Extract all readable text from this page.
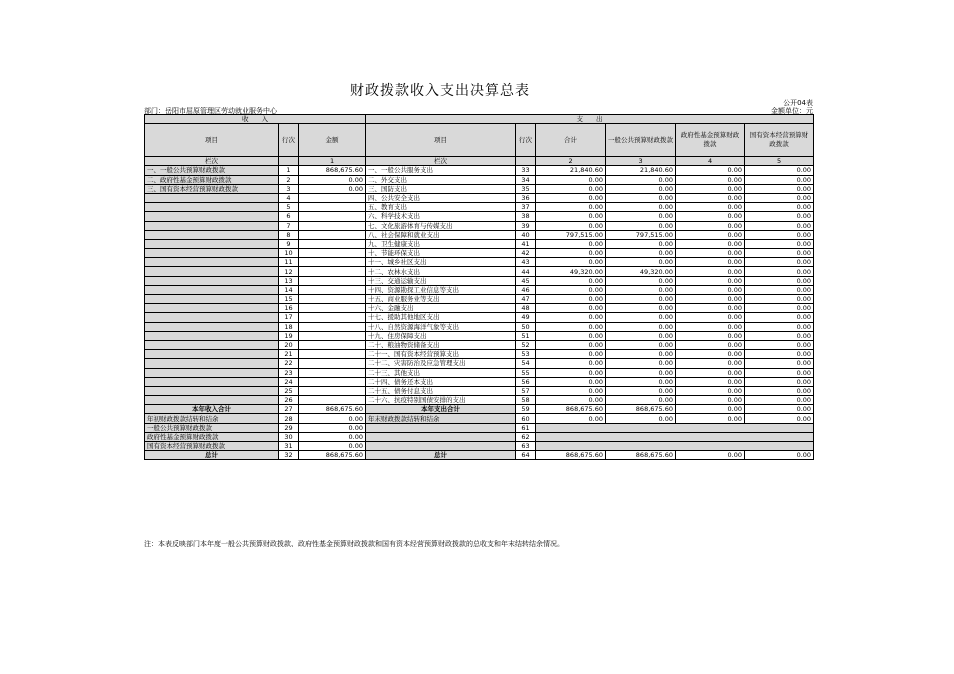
财政拨款收入支出决算总表
公开04表
部门：岳阳市屈原管理区劳动就业服务中心	金额单位：元
收　　入			支　　出					
项目	行次	金额	项目	行次	合计	一般公共预算财政拨款	政府性基金预算财政拨款	国有资本经营预算财政拨款
栏次		1	栏次		2	3	4	5
一、一般公共预算财政拨款	1	868,675.60	一、一般公共服务支出	33	21,840.60	21,840.60	0.00	0.00
二、政府性基金预算财政拨款	2	0.00	二、外交支出	34	0.00	0.00	0.00	0.00
三、国有资本经营预算财政拨款	3	0.00	三、国防支出	35	0.00	0.00	0.00	0.00
	4		四、公共安全支出	36	0.00	0.00	0.00	0.00
	5		五、教育支出	37	0.00	0.00	0.00	0.00
	6		六、科学技术支出	38	0.00	0.00	0.00	0.00
	7		七、文化旅游体育与传媒支出	39	0.00	0.00	0.00	0.00
	8		八、社会保障和就业支出	40	797,515.00	797,515.00	0.00	0.00
	9		九、卫生健康支出	41	0.00	0.00	0.00	0.00
	10		十、节能环保支出	42	0.00	0.00	0.00	0.00
	11		十一、城乡社区支出	43	0.00	0.00	0.00	0.00
	12		十二、农林水支出	44	49,320.00	49,320.00	0.00	0.00
	13		十三、交通运输支出	45	0.00	0.00	0.00	0.00
	14		十四、资源勘探工业信息等支出	46	0.00	0.00	0.00	0.00
	15		十五、商业服务业等支出	47	0.00	0.00	0.00	0.00
	16		十六、金融支出	48	0.00	0.00	0.00	0.00
	17		十七、援助其他地区支出	49	0.00	0.00	0.00	0.00
	18		十八、自然资源海洋气象等支出	50	0.00	0.00	0.00	0.00
	19		十九、住房保障支出	51	0.00	0.00	0.00	0.00
	20		二十、粮油物资储备支出	52	0.00	0.00	0.00	0.00
	21		二十一、国有资本经营预算支出	53	0.00	0.00	0.00	0.00
	22		二十二、灾害防治及应急管理支出	54	0.00	0.00	0.00	0.00
	23		二十三、其他支出	55	0.00	0.00	0.00	0.00
	24		二十四、债务还本支出	56	0.00	0.00	0.00	0.00
	25		二十五、债务付息支出	57	0.00	0.00	0.00	0.00
	26		二十六、抗疫特别国债安排的支出	58	0.00	0.00	0.00	0.00
本年收入合计	27	868,675.60	本年支出合计	59	868,675.60	868,675.60	0.00	0.00
年初财政拨款结转和结余	28	0.00	年末财政拨款结转和结余	60	0.00	0.00	0.00	0.00
一般公共预算财政拨款	29	0.00		61				
政府性基金预算财政拨款	30	0.00		62				
国有资本经营预算财政拨款	31	0.00		63				
总计	32	868,675.60	总计	64	868,675.60	868,675.60	0.00	0.00
注：本表反映部门本年度一般公共预算财政拨款、政府性基金预算财政拨款和国有资本经营预算财政拨款的总收支和年末结转结余情况。
